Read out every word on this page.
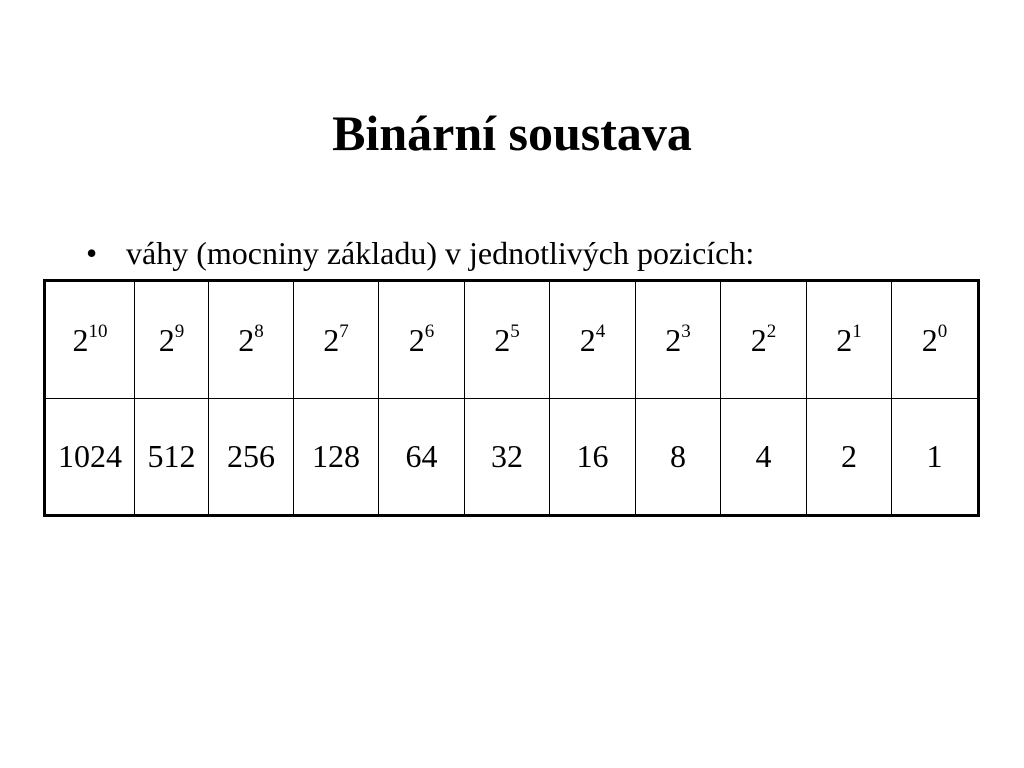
Binární soustava
• váhy (mocniny základu) v jednotlivých pozicích:
$2^{10}$	$2^9$	$2^8$	$2^7$	$2^6$	$2^5$	$2^4$	$2^3$	$2^2$	$2^1$	$2^0$
1024	512	256	128	64	32	16	8	4	2	1
